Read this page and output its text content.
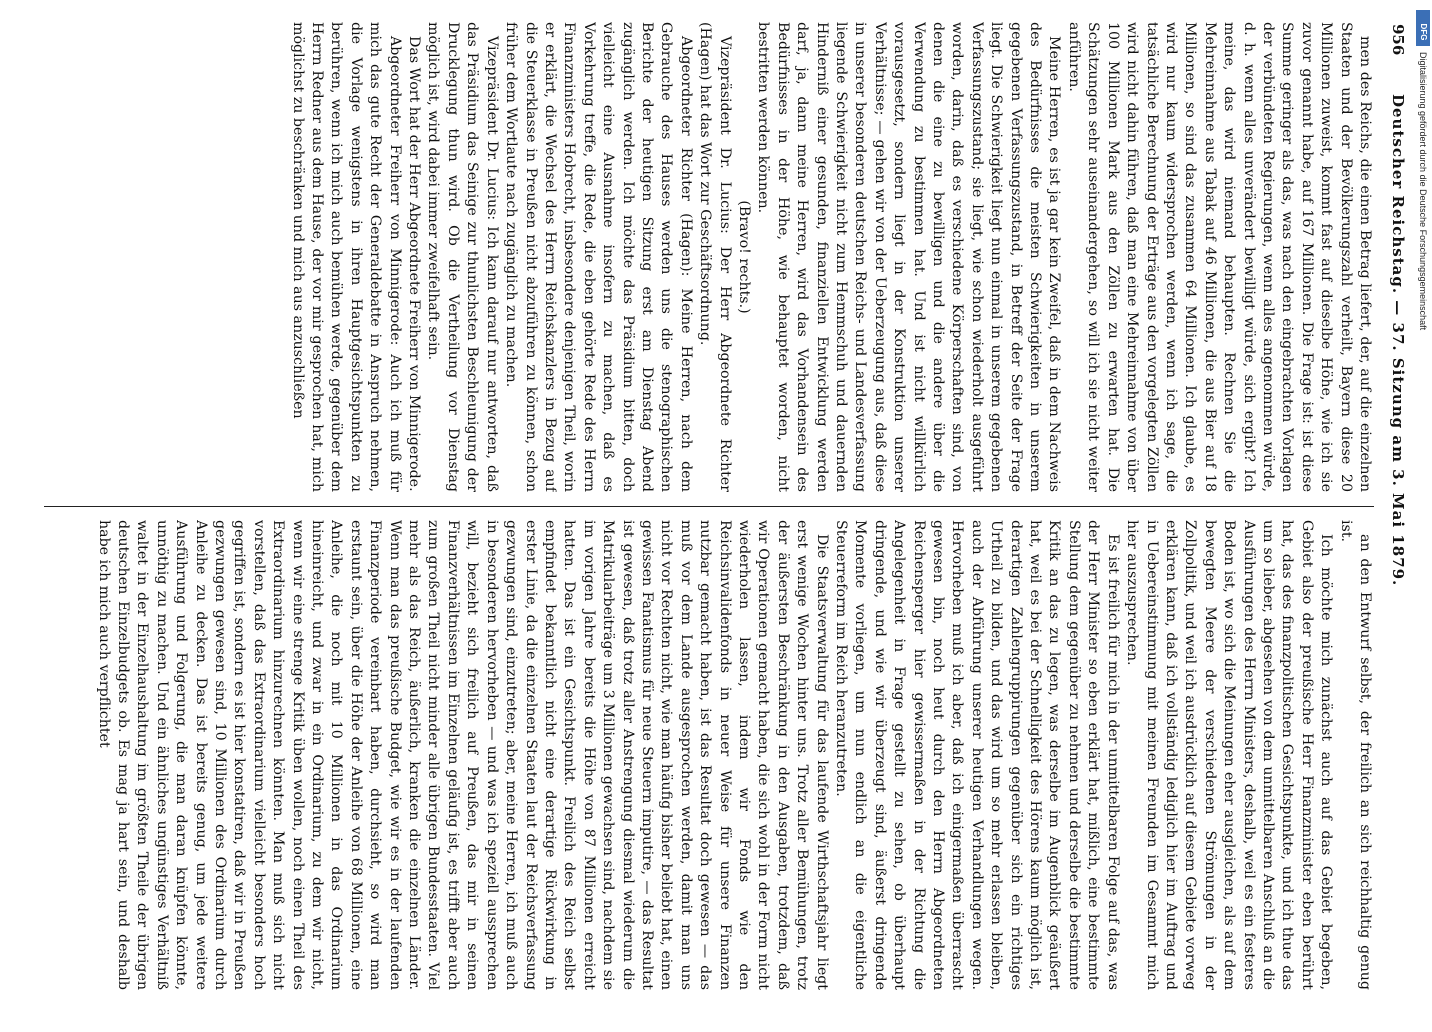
956
Deutscher Reichstag. — 37. Sitzung am 3. Mai 1879.

men des Reichs, die einen Betrag liefert, der, auf die einzelnen Staaten und der Bevölkerungszahl verheilt, Bayern diese 20 Millionen zuweist, kommt fast auf dieselbe Höhe, wie ich sie zuvor genannt habe, auf 167 Millionen. Die Frage ist: ist diese Summe geringer als das, was nach den eingebrachten Vorlagen der verbündeten Regierungen, wenn alles angenommen würde, d. h. wenn alles unverändert bewilligt würde, sich ergibt? Ich meine, das wird niemand behaupten. Rechnen Sie die Mehreinnahme aus Tabak auf 46 Millionen, die aus Bier auf 18 Millionen, so sind das zusammen 64 Millionen. Ich glaube, es wird nur kaum widersprochen werden, wenn ich sage, die tatsächliche Berechnung der Erträge aus den vorgelegten Zöllen wird nicht dahin führen, daß man eine Mehreinnahme von über 100 Millionen Mark aus den Zöllen zu erwarten hat. Die Schätzungen sehr auseinandergehen, so will ich sie nicht weiter anführen.

Meine Herren, es ist ja gar kein Zweifel, daß in dem Nachweis des Bedürfnisses die meisten Schwierigkeiten in unserem gegebenen Verfassungszustand, in Betreff der Seite der Frage liegt. Die Schwierigkeit liegt nun einmal in unserem gegebenen Verfassungszustand; sie liegt, wie schon wiederholt ausgeführt worden, darin, daß es verschiedene Körperschaften sind, von denen die eine zu bewilligen und die andere über die Verwendung zu bestimmen hat. Und ist nicht willkürlich vorausgesetzt, sondern liegt in der Konstruktion unserer Verhältnisse; — gehen wir von der Ueberzeugung aus, daß diese in unserer besonderen deutschen Reichs- und Landesverfassung liegende Schwierigkeit nicht zum Hemmschuh und dauernden Hinderniß einer gesunden, finanziellen Entwicklung werden darf, ja, dann meine Herren, wird das Vorhandensein des Bedürfnisses in der Höhe, wie behauptet worden, nicht bestritten werden können.

(Bravo! rechts.)

Vizepräsident Dr. Lucius: Der Herr Abgeordnete Richter (Hagen) hat das Wort zur Geschäftsordnung.

Abgeordneter Richter (Hagen): Meine Herren, nach dem Gebrauche des Hauses werden uns die stenographischen Berichte der heutigen Sitzung erst am Dienstag Abend zugänglich werden. Ich möchte das Präsidium bitten, doch vielleicht eine Ausnahme insofern zu machen, daß es Vorkehrung treffe, die Rede, die eben gehörte Rede des Herrn Finanzministers Hobrecht, insbesondere denjenigen Theil, worin er erklärt, die Wechsel des Herrn Reichskanzlers in Bezug auf die Steuerklasse in Preußen nicht abzuführen zu können, schon früher dem Wortlaute nach zugänglich zu machen.

Vizepräsident Dr. Lucius: Ich kann darauf nur antworten, daß das Präsidium das Seinige zur thunlichsten Beschleunigung der Drucklegung thun wird. Ob die Vertheilung vor Dienstag möglich ist, wird dabei immer zweifelhaft sein.

Das Wort hat der Herr Abgeordnete Freiherr von Minnigerode.

Abgeordneter Freiherr von Minnigerode: Auch ich muß für mich das gute Recht der Generaldebatte in Anspruch nehmen, die Vorlage wenigstens in ihren Hauptgesichtspunkten zu berühren, wenn ich mich auch bemühen werde, gegenüber dem Herrn Redner aus dem Hause, der vor mir gesprochen hat, mich möglichst zu beschränken und mich aus anzuschließen

an den Entwurf selbst, der freilich an sich reichhaltig genug ist.

Ich möchte mich zunächst auch auf das Gebiet begeben, Gebiet also der preußische Herr Finanzminister eben berührt hat, das des finanzpolitischen Gesichtspunkte, und ich thue das um so lieber, abgesehen von dem unmittelbaren Anschluß an die Ausführungen des Herrn Ministers, deshalb, weil es ein festeres Boden ist, wo sich die Meinungen eher ausgleichen, als auf dem bewegten Meere der verschiedenen Strömungen in der Zollpolitik, und weil ich ausdrücklich auf diesem Gebiete vorweg erklären kann, daß ich vollständig lediglich hier im Auftrag und in Uebereinstimmung mit meinen Freunden im Gesammt mich hier auszusprechen.

Es ist freilich für mich in der unmittelbaren Folge auf das, was der Herr Minister so eben erklärt hat, mißlich, eine bestimmte Stellung dem gegenüber zu nehmen und derselbe die bestimmte Kritik an das zu legen, was derselbe im Augenblick geäußert hat, weil es bei der Schnelligkeit des Hörens kaum möglich ist, derartigen Zahlengruppirungen gegenüber sich ein richtiges Urtheil zu bilden, und das wird um so mehr erlassen bleiben, auch der Abführung unserer heutigen Verhandlungen wegen. Hervorheben muß ich aber, daß ich einigermaßen überrascht gewesen bin, noch heut durch den Herrn Abgeordneten Reichensperger hier gewissermaßen in der Richtung die Angelegenheit in Frage gestellt zu sehen, ob überhaupt dringende, und wie wir überzeugt sind, äußerst dringende Momente vorliegen, um nun endlich an die eigentliche Steuerreform im Reich heranzutreten.

Die Staatsverwaltung für das laufende Wirthschaftsjahr liegt erst wenige Wochen hinter uns. Trotz aller Bemühungen, trotz der äußersten Beschränkung in den Ausgaben, trotzdem, daß wir Operationen gemacht haben, die sich wohl in der Form nicht wiederholen lassen, indem wir Fonds wie den Reichsinvalidenfonds in neuer Weise für unsere Finanzen nutzbar gemacht haben, ist das Resultat doch gewesen — das muß vor dem Lande ausgesprochen werden, damit man uns nicht vor Rechten nicht, wie man häufig bisher beliebt hat, einen gewissen Fanatismus für neue Steuern imputire, — das Resultat ist gewesen, daß trotz aller Anstrengung diesmal wiederum die Matrikularbeiträge um 3 Millionen gewachsen sind, nachdem sie im vorigen Jahre bereits die Höhe von 87 Millionen erreicht hatten. Das ist ein Gesichtspunkt. Freilich des Reich selbst empfindet bekanntlich nicht eine derartige Rückwirkung in erster Linie, da die einzelnen Staaten laut der Reichsverfassung gezwungen sind, einzutreten; aber, meine Herren, ich muß auch in besonderen hervorheben — und was ich speziell aussprechen will, bezieht sich freilich auf Preußen, das mir in seinen Finanzverhältnissen im Einzelnen geläufig ist, es trifft aber auch zum großen Theil nicht minder alle übrigen Bundesstaaten. Viel mehr als das Reich, äußerlich, kranken die einzelnen Länder. Wenn man das preußische Budget, wie wir es in der laufenden Finanzperiode vereinbart haben, durchsieht, so wird man erstaunt sein, über die Höhe der Anleihe von 68 Millionen, eine Anleihe, die noch mit 10 Millionen in das Ordinarium hineinreicht, und zwar in ein Ordinarium, zu dem wir nicht, wenn wir eine strenge Kritik üben wollen, noch einen Theil des Extraordinarium hinzurechnen könnten. Man muß sich nicht vorstellen, daß das Extraordinarium vielleicht besonders hoch gegriffen ist, sondern es ist hier konstatiren, daß wir in Preußen gezwungen gewesen sind, 10 Millionen des Ordinarium durch Anleihe zu decken. Das ist bereits genug, um jede weitere Ausführung und Folgerung, die man daran knüpfen könnte, unnöthig zu machen. Und ein ähnliches ungünstiges Verhältniß waltet in der Einzelhaushaltung im größten Theile der übrigen deutschen Einzelbudgets ob. Es mag ja hart sein, und deshalb habe ich mich auch verpflichtet

DFG
Digitalisierung gefördert durch die Deutsche Forschungsgemeinschaft
